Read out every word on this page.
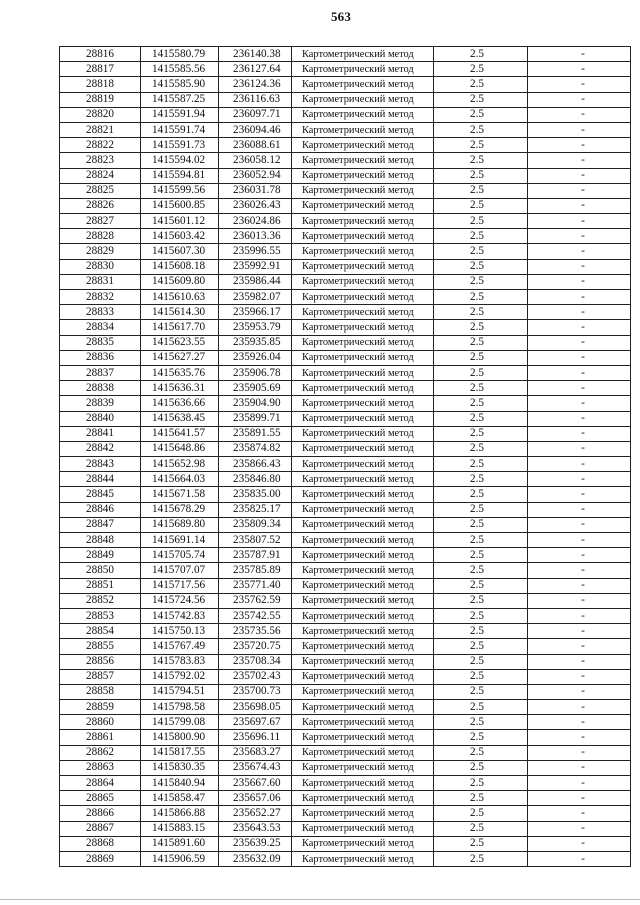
563
28816	1415580.79	236140.38	Картометрический метод	2.5	-
28817	1415585.56	236127.64	Картометрический метод	2.5	-
28818	1415585.90	236124.36	Картометрический метод	2.5	-
28819	1415587.25	236116.63	Картометрический метод	2.5	-
28820	1415591.94	236097.71	Картометрический метод	2.5	-
28821	1415591.74	236094.46	Картометрический метод	2.5	-
28822	1415591.73	236088.61	Картометрический метод	2.5	-
28823	1415594.02	236058.12	Картометрический метод	2.5	-
28824	1415594.81	236052.94	Картометрический метод	2.5	-
28825	1415599.56	236031.78	Картометрический метод	2.5	-
28826	1415600.85	236026.43	Картометрический метод	2.5	-
28827	1415601.12	236024.86	Картометрический метод	2.5	-
28828	1415603.42	236013.36	Картометрический метод	2.5	-
28829	1415607.30	235996.55	Картометрический метод	2.5	-
28830	1415608.18	235992.91	Картометрический метод	2.5	-
28831	1415609.80	235986.44	Картометрический метод	2.5	-
28832	1415610.63	235982.07	Картометрический метод	2.5	-
28833	1415614.30	235966.17	Картометрический метод	2.5	-
28834	1415617.70	235953.79	Картометрический метод	2.5	-
28835	1415623.55	235935.85	Картометрический метод	2.5	-
28836	1415627.27	235926.04	Картометрический метод	2.5	-
28837	1415635.76	235906.78	Картометрический метод	2.5	-
28838	1415636.31	235905.69	Картометрический метод	2.5	-
28839	1415636.66	235904.90	Картометрический метод	2.5	-
28840	1415638.45	235899.71	Картометрический метод	2.5	-
28841	1415641.57	235891.55	Картометрический метод	2.5	-
28842	1415648.86	235874.82	Картометрический метод	2.5	-
28843	1415652.98	235866.43	Картометрический метод	2.5	-
28844	1415664.03	235846.80	Картометрический метод	2.5	-
28845	1415671.58	235835.00	Картометрический метод	2.5	-
28846	1415678.29	235825.17	Картометрический метод	2.5	-
28847	1415689.80	235809.34	Картометрический метод	2.5	-
28848	1415691.14	235807.52	Картометрический метод	2.5	-
28849	1415705.74	235787.91	Картометрический метод	2.5	-
28850	1415707.07	235785.89	Картометрический метод	2.5	-
28851	1415717.56	235771.40	Картометрический метод	2.5	-
28852	1415724.56	235762.59	Картометрический метод	2.5	-
28853	1415742.83	235742.55	Картометрический метод	2.5	-
28854	1415750.13	235735.56	Картометрический метод	2.5	-
28855	1415767.49	235720.75	Картометрический метод	2.5	-
28856	1415783.83	235708.34	Картометрический метод	2.5	-
28857	1415792.02	235702.43	Картометрический метод	2.5	-
28858	1415794.51	235700.73	Картометрический метод	2.5	-
28859	1415798.58	235698.05	Картометрический метод	2.5	-
28860	1415799.08	235697.67	Картометрический метод	2.5	-
28861	1415800.90	235696.11	Картометрический метод	2.5	-
28862	1415817.55	235683.27	Картометрический метод	2.5	-
28863	1415830.35	235674.43	Картометрический метод	2.5	-
28864	1415840.94	235667.60	Картометрический метод	2.5	-
28865	1415858.47	235657.06	Картометрический метод	2.5	-
28866	1415866.88	235652.27	Картометрический метод	2.5	-
28867	1415883.15	235643.53	Картометрический метод	2.5	-
28868	1415891.60	235639.25	Картометрический метод	2.5	-
28869	1415906.59	235632.09	Картометрический метод	2.5	-
